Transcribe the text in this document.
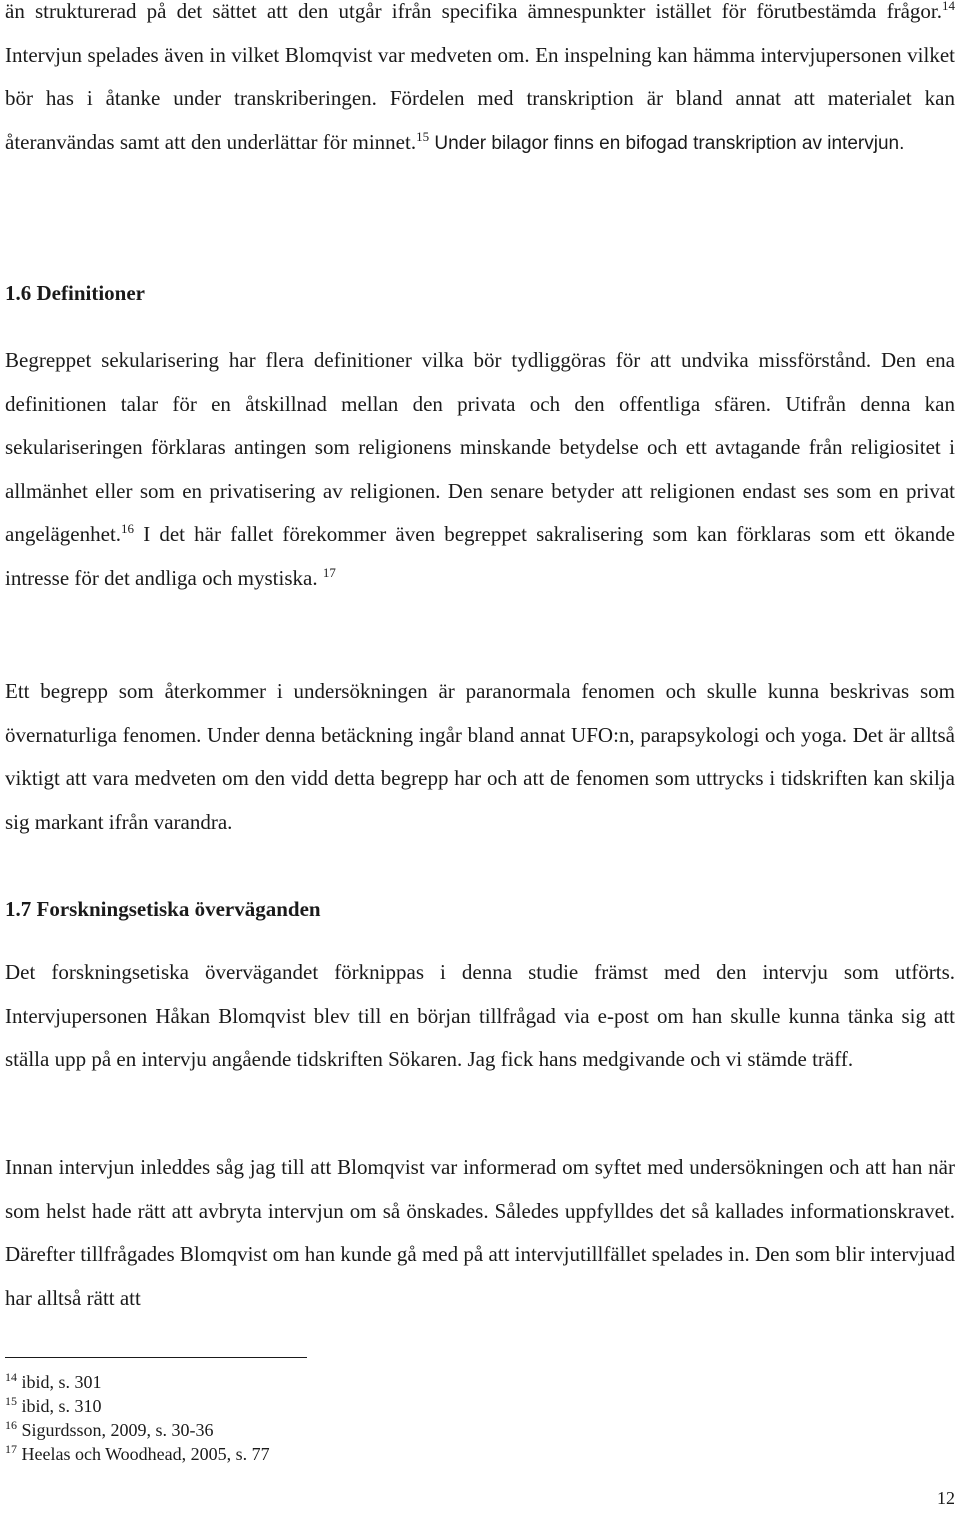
än strukturerad på det sättet att den utgår ifrån specifika ämnespunkter istället för förutbestämda frågor.$^{14}$ Intervjun spelades även in vilket Blomqvist var medveten om. En inspelning kan hämma intervjupersonen vilket bör has i åtanke under transkriberingen. Fördelen med transkription är bland annat att materialet kan återanvändas samt att den underlättar för minnet.$^{15}$ Under bilagor finns en bifogad transkription av intervjun.

1.6 Definitioner

Begreppet sekularisering har flera definitioner vilka bör tydliggöras för att undvika missförstånd. Den ena definitionen talar för en åtskillnad mellan den privata och den offentliga sfären. Utifrån denna kan sekulariseringen förklaras antingen som religionens minskande betydelse och ett avtagande från religiositet i allmänhet eller som en privatisering av religionen. Den senare betyder att religionen endast ses som en privat angelägenhet.$^{16}$ I det här fallet förekommer även begreppet sakralisering som kan förklaras som ett ökande intresse för det andliga och mystiska. $^{17}$

Ett begrepp som återkommer i undersökningen är paranormala fenomen och skulle kunna beskrivas som övernaturliga fenomen. Under denna betäckning ingår bland annat UFO:n, parapsykologi och yoga. Det är alltså viktigt att vara medveten om den vidd detta begrepp har och att de fenomen som uttrycks i tidskriften kan skilja sig markant ifrån varandra.

1.7 Forskningsetiska överväganden

Det forskningsetiska övervägandet förknippas i denna studie främst med den intervju som utförts. Intervjupersonen Håkan Blomqvist blev till en början tillfrågad via e-post om han skulle kunna tänka sig att ställa upp på en intervju angående tidskriften Sökaren. Jag fick hans medgivande och vi stämde träff.

Innan intervjun inleddes såg jag till att Blomqvist var informerad om syftet med undersökningen och att han när som helst hade rätt att avbryta intervjun om så önskades. Således uppfylldes det så kallades informationskravet. Därefter tillfrågades Blomqvist om han kunde gå med på att intervjutillfället spelades in. Den som blir intervjuad har alltså rätt att

$^{14}$ ibid, s. 301
$^{15}$ ibid, s. 310
$^{16}$ Sigurdsson, 2009, s. 30-36
$^{17}$ Heelas och Woodhead, 2005, s. 77
12
